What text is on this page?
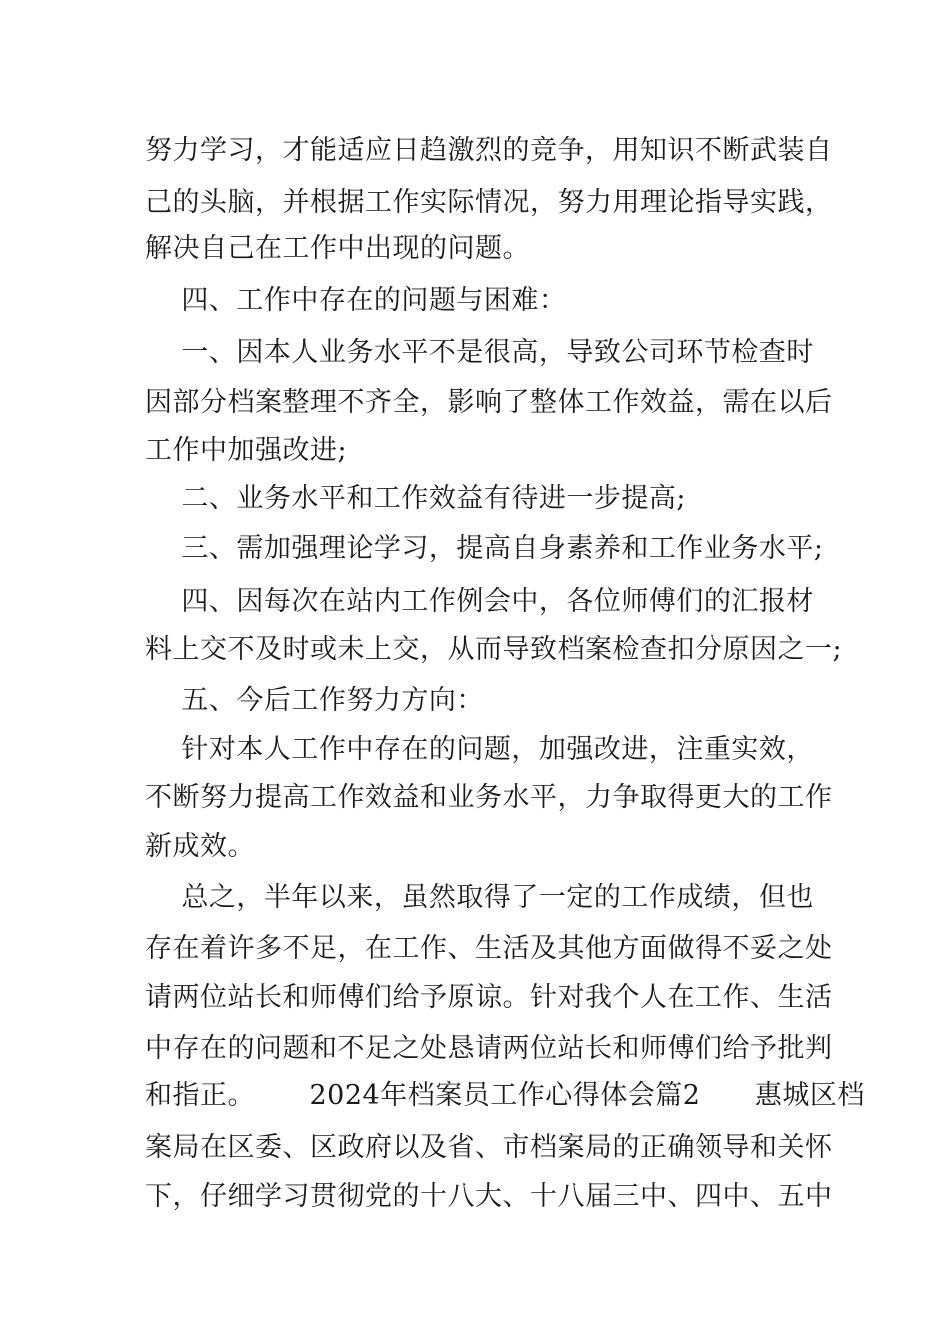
努力学习，才能适应日趋激烈的竞争，用知识不断武装自
己的头脑，并根据工作实际情况，努力用理论指导实践，
解决自己在工作中出现的问题。
四、工作中存在的问题与困难：
一、因本人业务水平不是很高，导致公司环节检查时
因部分档案整理不齐全，影响了整体工作效益，需在以后
工作中加强改进;
二、业务水平和工作效益有待进一步提高;
三、需加强理论学习，提高自身素养和工作业务水平;
四、因每次在站内工作例会中，各位师傅们的汇报材
料上交不及时或未上交，从而导致档案检查扣分原因之一;
五、今后工作努力方向：
针对本人工作中存在的问题，加强改进，注重实效，
不断努力提高工作效益和业务水平，力争取得更大的工作
新成效。
总之，半年以来，虽然取得了一定的工作成绩，但也
存在着许多不足，在工作、生活及其他方面做得不妥之处
请两位站长和师傅们给予原谅。针对我个人在工作、生活
中存在的问题和不足之处恳请两位站长和师傅们给予批判
和指正。      2024年档案员工作心得体会篇2      惠城区档
案局在区委、区政府以及省、市档案局的正确领导和关怀
下，仔细学习贯彻党的十八大、十八届三中、四中、五中
